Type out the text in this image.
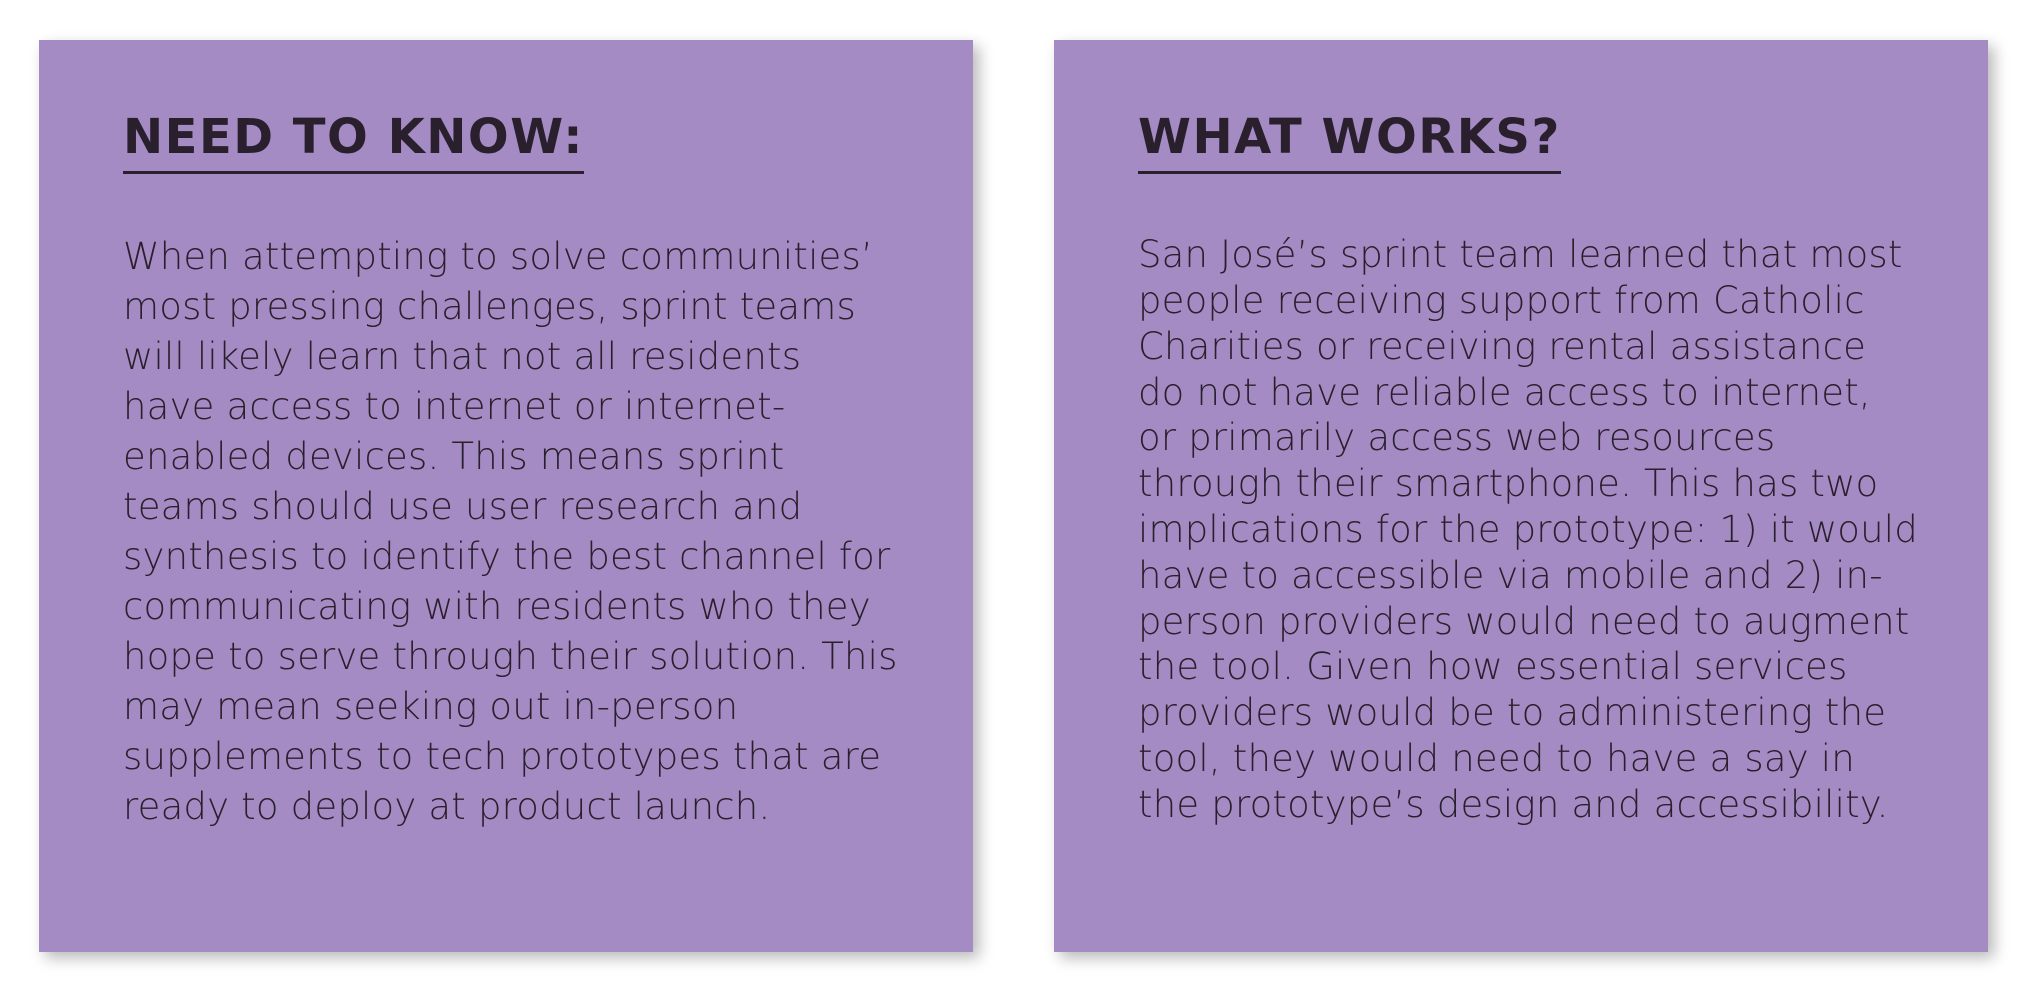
NEED TO KNOW:

When attempting to solve communities’ most pressing challenges, sprint teams will likely learn that not all residents have access to internet or internet-enabled devices. This means sprint teams should use user research and synthesis to identify the best channel for communicating with residents who they hope to serve through their solution. This may mean seeking out in-person supplements to tech prototypes that are ready to deploy at product launch.

WHAT WORKS?

San José’s sprint team learned that most people receiving support from Catholic Charities or receiving rental assistance do not have reliable access to internet, or primarily access web resources through their smartphone. This has two implications for the prototype: 1) it would have to accessible via mobile and 2) in-person providers would need to augment the tool. Given how essential services providers would be to administering the tool, they would need to have a say in the prototype’s design and accessibility.
